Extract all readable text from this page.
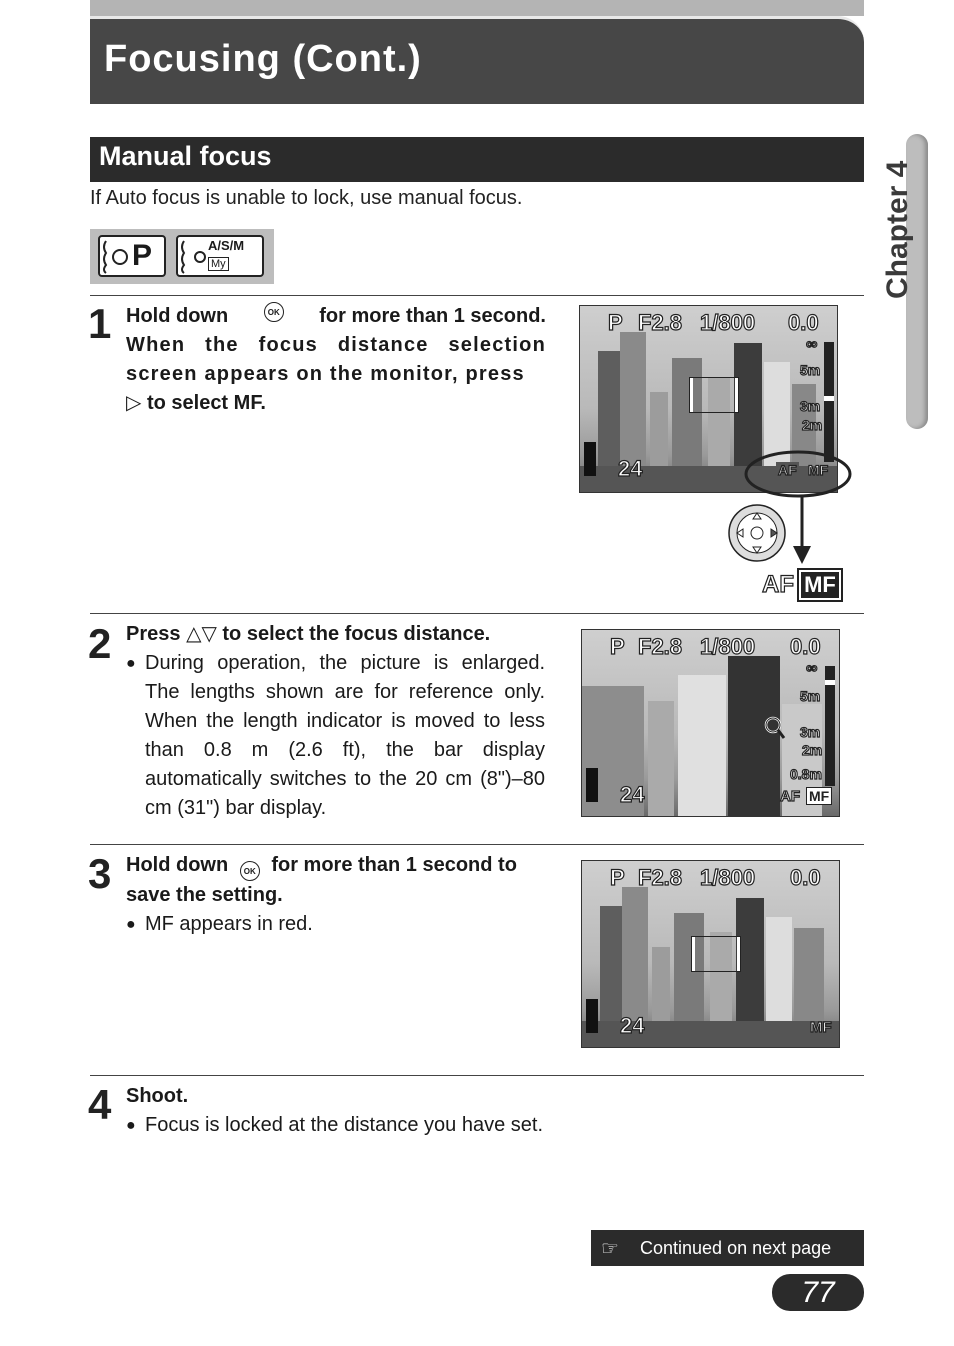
Focusing (Cont.)
Chapter 4
Manual focus
If Auto focus is unable to lock, use manual focus.
P	A/S/M
My
1 Hold down	OK for more than 1 second.
When the focus distance selection screen appears on the monitor, press
▷ to select MF.
P F2.8 1/800 0.0
∞
5m
3m
2m
24	AF MF
AF MF
2 Press △▽ to select the focus distance.
● During operation, the picture is enlarged. The lengths shown are for reference only. When the length indicator is moved to less than 0.8 m (2.6 ft), the bar display automatically switches to the 20 cm (8")–80 cm (31") bar display.
P F2.8 1/800 0.0
∞
5m
3m
2m
0.8m
24	AF MF
3 Hold down OK for more than 1 second to save the setting.
● MF appears in red.
P F2.8 1/800 0.0
24	MF
4 Shoot.
● Focus is locked at the distance you have set.
☞ Continued on next page
77
